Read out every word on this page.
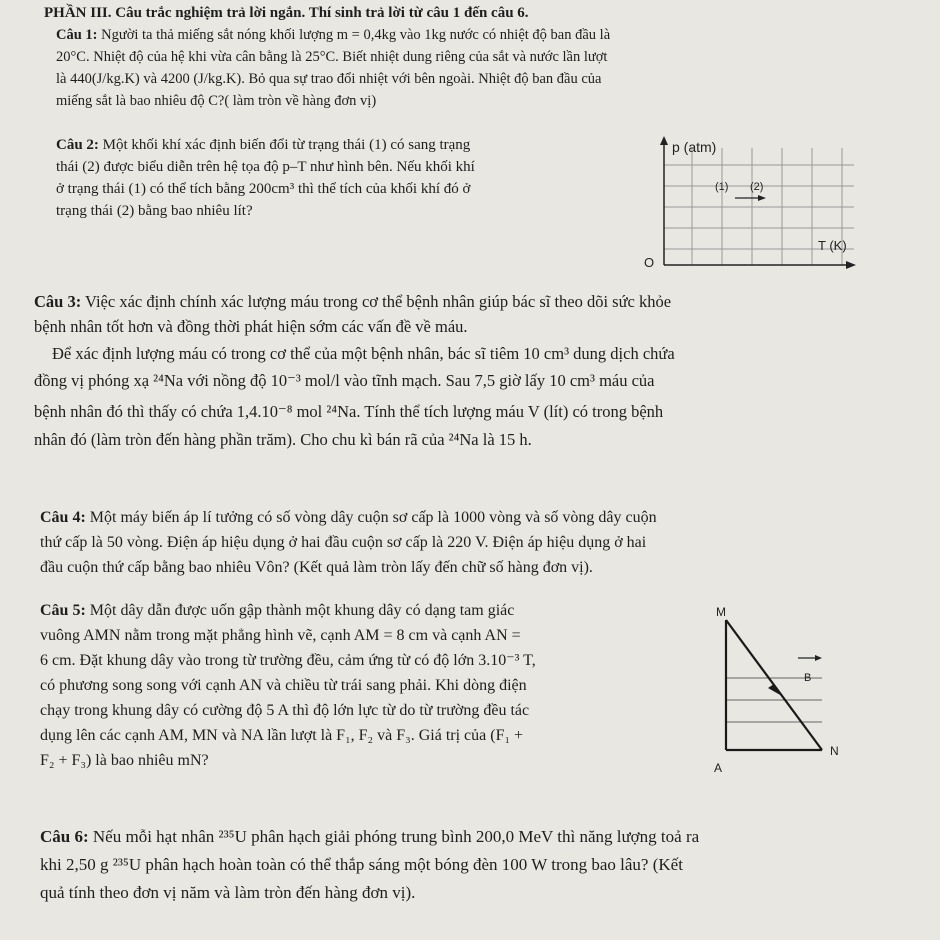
PHẦN III. Câu trắc nghiệm trả lời ngắn. Thí sinh trả lời từ câu 1 đến câu 6.
Câu 1: Người ta thả miếng sắt nóng khối lượng m = 0,4kg vào 1kg nước có nhiệt độ ban đầu là
20°C. Nhiệt độ của hệ khi vừa cân bằng là 25°C. Biết nhiệt dung riêng của sắt và nước lần lượt
là 440(J/kg.K) và 4200 (J/kg.K). Bỏ qua sự trao đổi nhiệt với bên ngoài. Nhiệt độ ban đầu của
miếng sắt là bao nhiêu độ C?( làm tròn về hàng đơn vị)
Câu 2: Một khối khí xác định biến đổi từ trạng thái (1) có sang trạng
thái (2) được biểu diễn trên hệ tọa độ p–T như hình bên. Nếu khối khí
ở trạng thái (1) có thể tích bằng 200cm³ thì thể tích của khối khí đó ở
trạng thái (2) bằng bao nhiêu lít?
p (atm)
T (K)
O
(1) (2)
Câu 3: Việc xác định chính xác lượng máu trong cơ thể bệnh nhân giúp bác sĩ theo dõi sức khỏe
bệnh nhân tốt hơn và đồng thời phát hiện sớm các vấn đề về máu.
Để xác định lượng máu có trong cơ thể của một bệnh nhân, bác sĩ tiêm 10 cm³ dung dịch chứa
đồng vị phóng xạ ²⁴Na với nồng độ 10⁻³ mol/l vào tĩnh mạch. Sau 7,5 giờ lấy 10 cm³ máu của
bệnh nhân đó thì thấy có chứa 1,4.10⁻⁸ mol ²⁴Na. Tính thể tích lượng máu V (lít) có trong bệnh
nhân đó (làm tròn đến hàng phần trăm). Cho chu kì bán rã của ²⁴Na là 15 h.
Câu 4: Một máy biến áp lí tưởng có số vòng dây cuộn sơ cấp là 1000 vòng và số vòng dây cuộn
thứ cấp là 50 vòng. Điện áp hiệu dụng ở hai đầu cuộn sơ cấp là 220 V. Điện áp hiệu dụng ở hai
đầu cuộn thứ cấp bằng bao nhiêu Vôn? (Kết quả làm tròn lấy đến chữ số hàng đơn vị).
Câu 5: Một dây dẫn được uốn gập thành một khung dây có dạng tam giác
vuông AMN nằm trong mặt phẳng hình vẽ, cạnh AM = 8 cm và cạnh AN =
6 cm. Đặt khung dây vào trong từ trường đều, cảm ứng từ có độ lớn 3.10⁻³ T,
có phương song song với cạnh AN và chiều từ trái sang phải. Khi dòng điện
chạy trong khung dây có cường độ 5 A thì độ lớn lực từ do từ trường đều tác
dụng lên các cạnh AM, MN và NA lần lượt là F₁, F₂ và F₃. Giá trị của (F₁ +
F₂ + F₃) là bao nhiêu mN?
B
M
N
A
Câu 6: Nếu mỗi hạt nhân ²³⁵U phân hạch giải phóng trung bình 200,0 MeV thì năng lượng toả ra
khi 2,50 g ²³⁵U phân hạch hoàn toàn có thể thắp sáng một bóng đèn 100 W trong bao lâu? (Kết
quả tính theo đơn vị năm và làm tròn đến hàng đơn vị).
